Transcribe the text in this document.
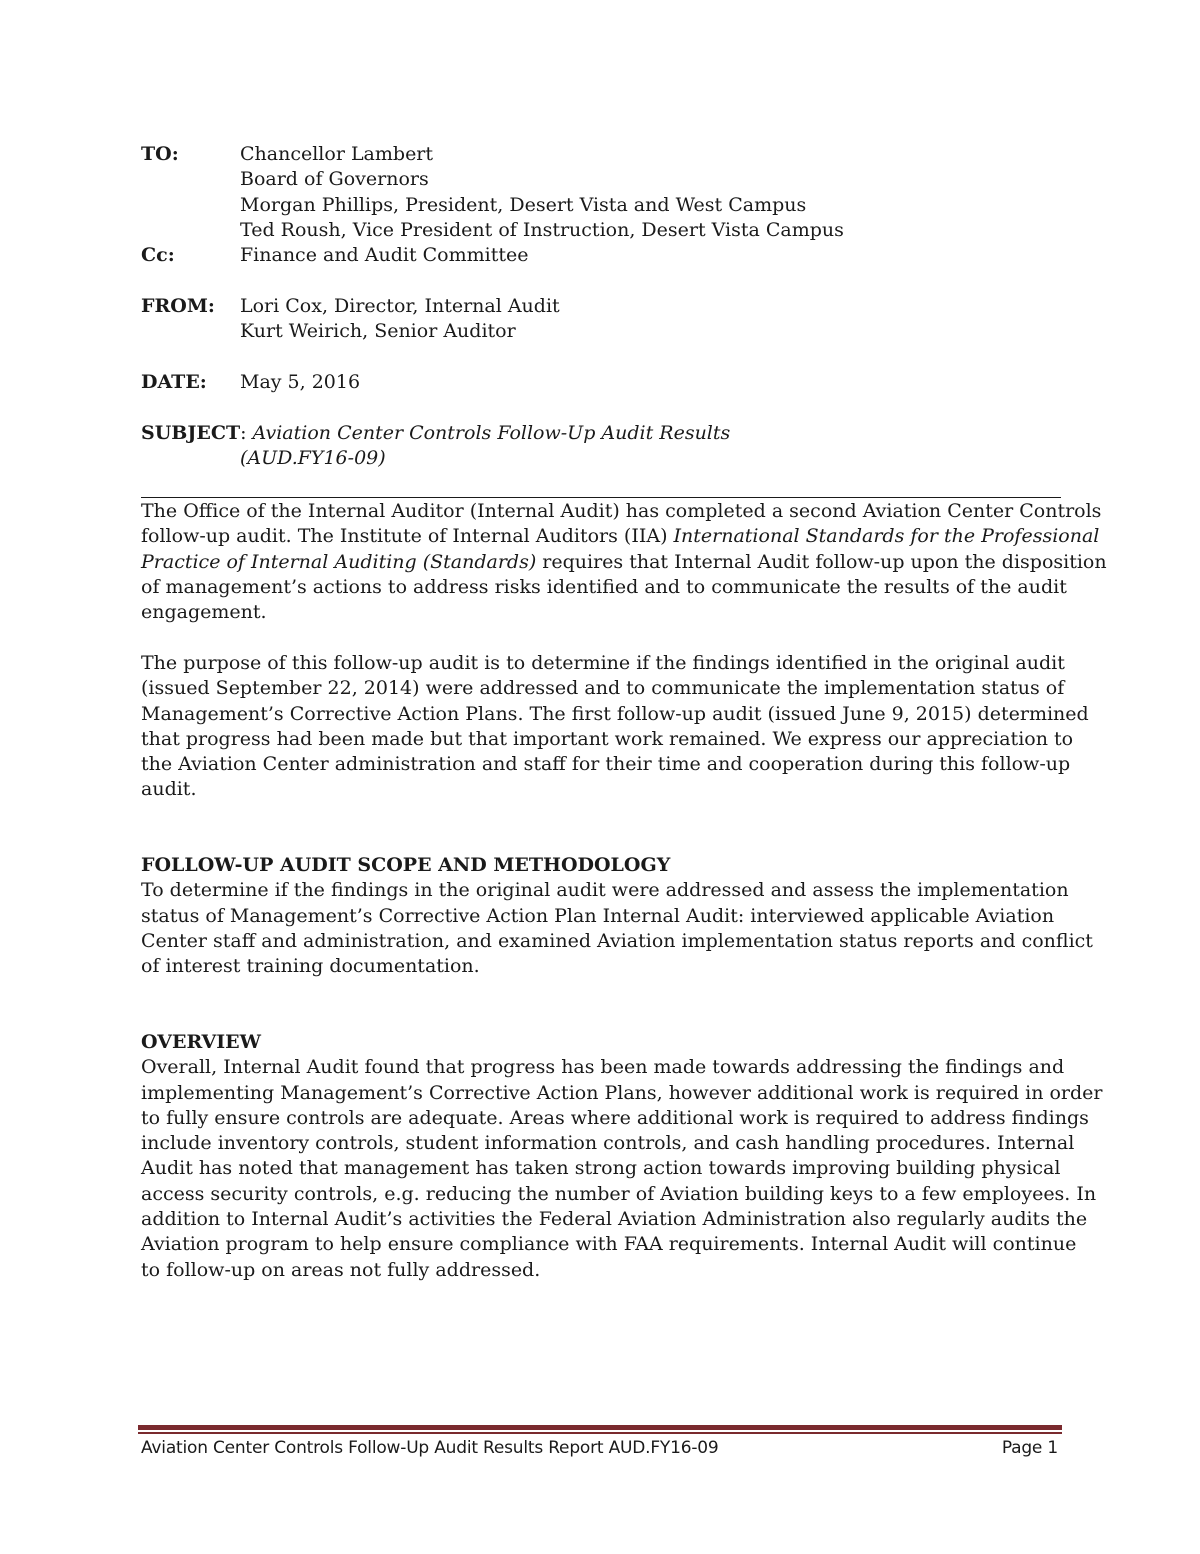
TO:	Chancellor Lambert
Board of Governors
Morgan Phillips, President, Desert Vista and West Campus
Ted Roush, Vice President of Instruction, Desert Vista Campus
Cc:	Finance and Audit Committee
FROM: Lori Cox, Director, Internal Audit
Kurt Weirich, Senior Auditor
DATE: May 5, 2016
SUBJECT: Aviation Center Controls Follow-Up Audit Results
(AUD.FY16-09)
The Office of the Internal Auditor (Internal Audit) has completed a second Aviation Center Controls
follow-up audit. The Institute of Internal Auditors (IIA) International Standards for the Professional
Practice of Internal Auditing (Standards) requires that Internal Audit follow-up upon the disposition
of management’s actions to address risks identified and to communicate the results of the audit
engagement.
The purpose of this follow-up audit is to determine if the findings identified in the original audit
(issued September 22, 2014) were addressed and to communicate the implementation status of
Management’s Corrective Action Plans. The first follow-up audit (issued June 9, 2015) determined
that progress had been made but that important work remained. We express our appreciation to
the Aviation Center administration and staff for their time and cooperation during this follow-up
audit.
FOLLOW-UP AUDIT SCOPE AND METHODOLOGY
To determine if the findings in the original audit were addressed and assess the implementation
status of Management’s Corrective Action Plan Internal Audit: interviewed applicable Aviation
Center staff and administration, and examined Aviation implementation status reports and conflict
of interest training documentation.
OVERVIEW
Overall, Internal Audit found that progress has been made towards addressing the findings and
implementing Management’s Corrective Action Plans, however additional work is required in order
to fully ensure controls are adequate. Areas where additional work is required to address findings
include inventory controls, student information controls, and cash handling procedures. Internal
Audit has noted that management has taken strong action towards improving building physical
access security controls, e.g. reducing the number of Aviation building keys to a few employees. In
addition to Internal Audit’s activities the Federal Aviation Administration also regularly audits the
Aviation program to help ensure compliance with FAA requirements. Internal Audit will continue
to follow-up on areas not fully addressed.
Aviation Center Controls Follow-Up Audit Results Report AUD.FY16-09	Page 1
